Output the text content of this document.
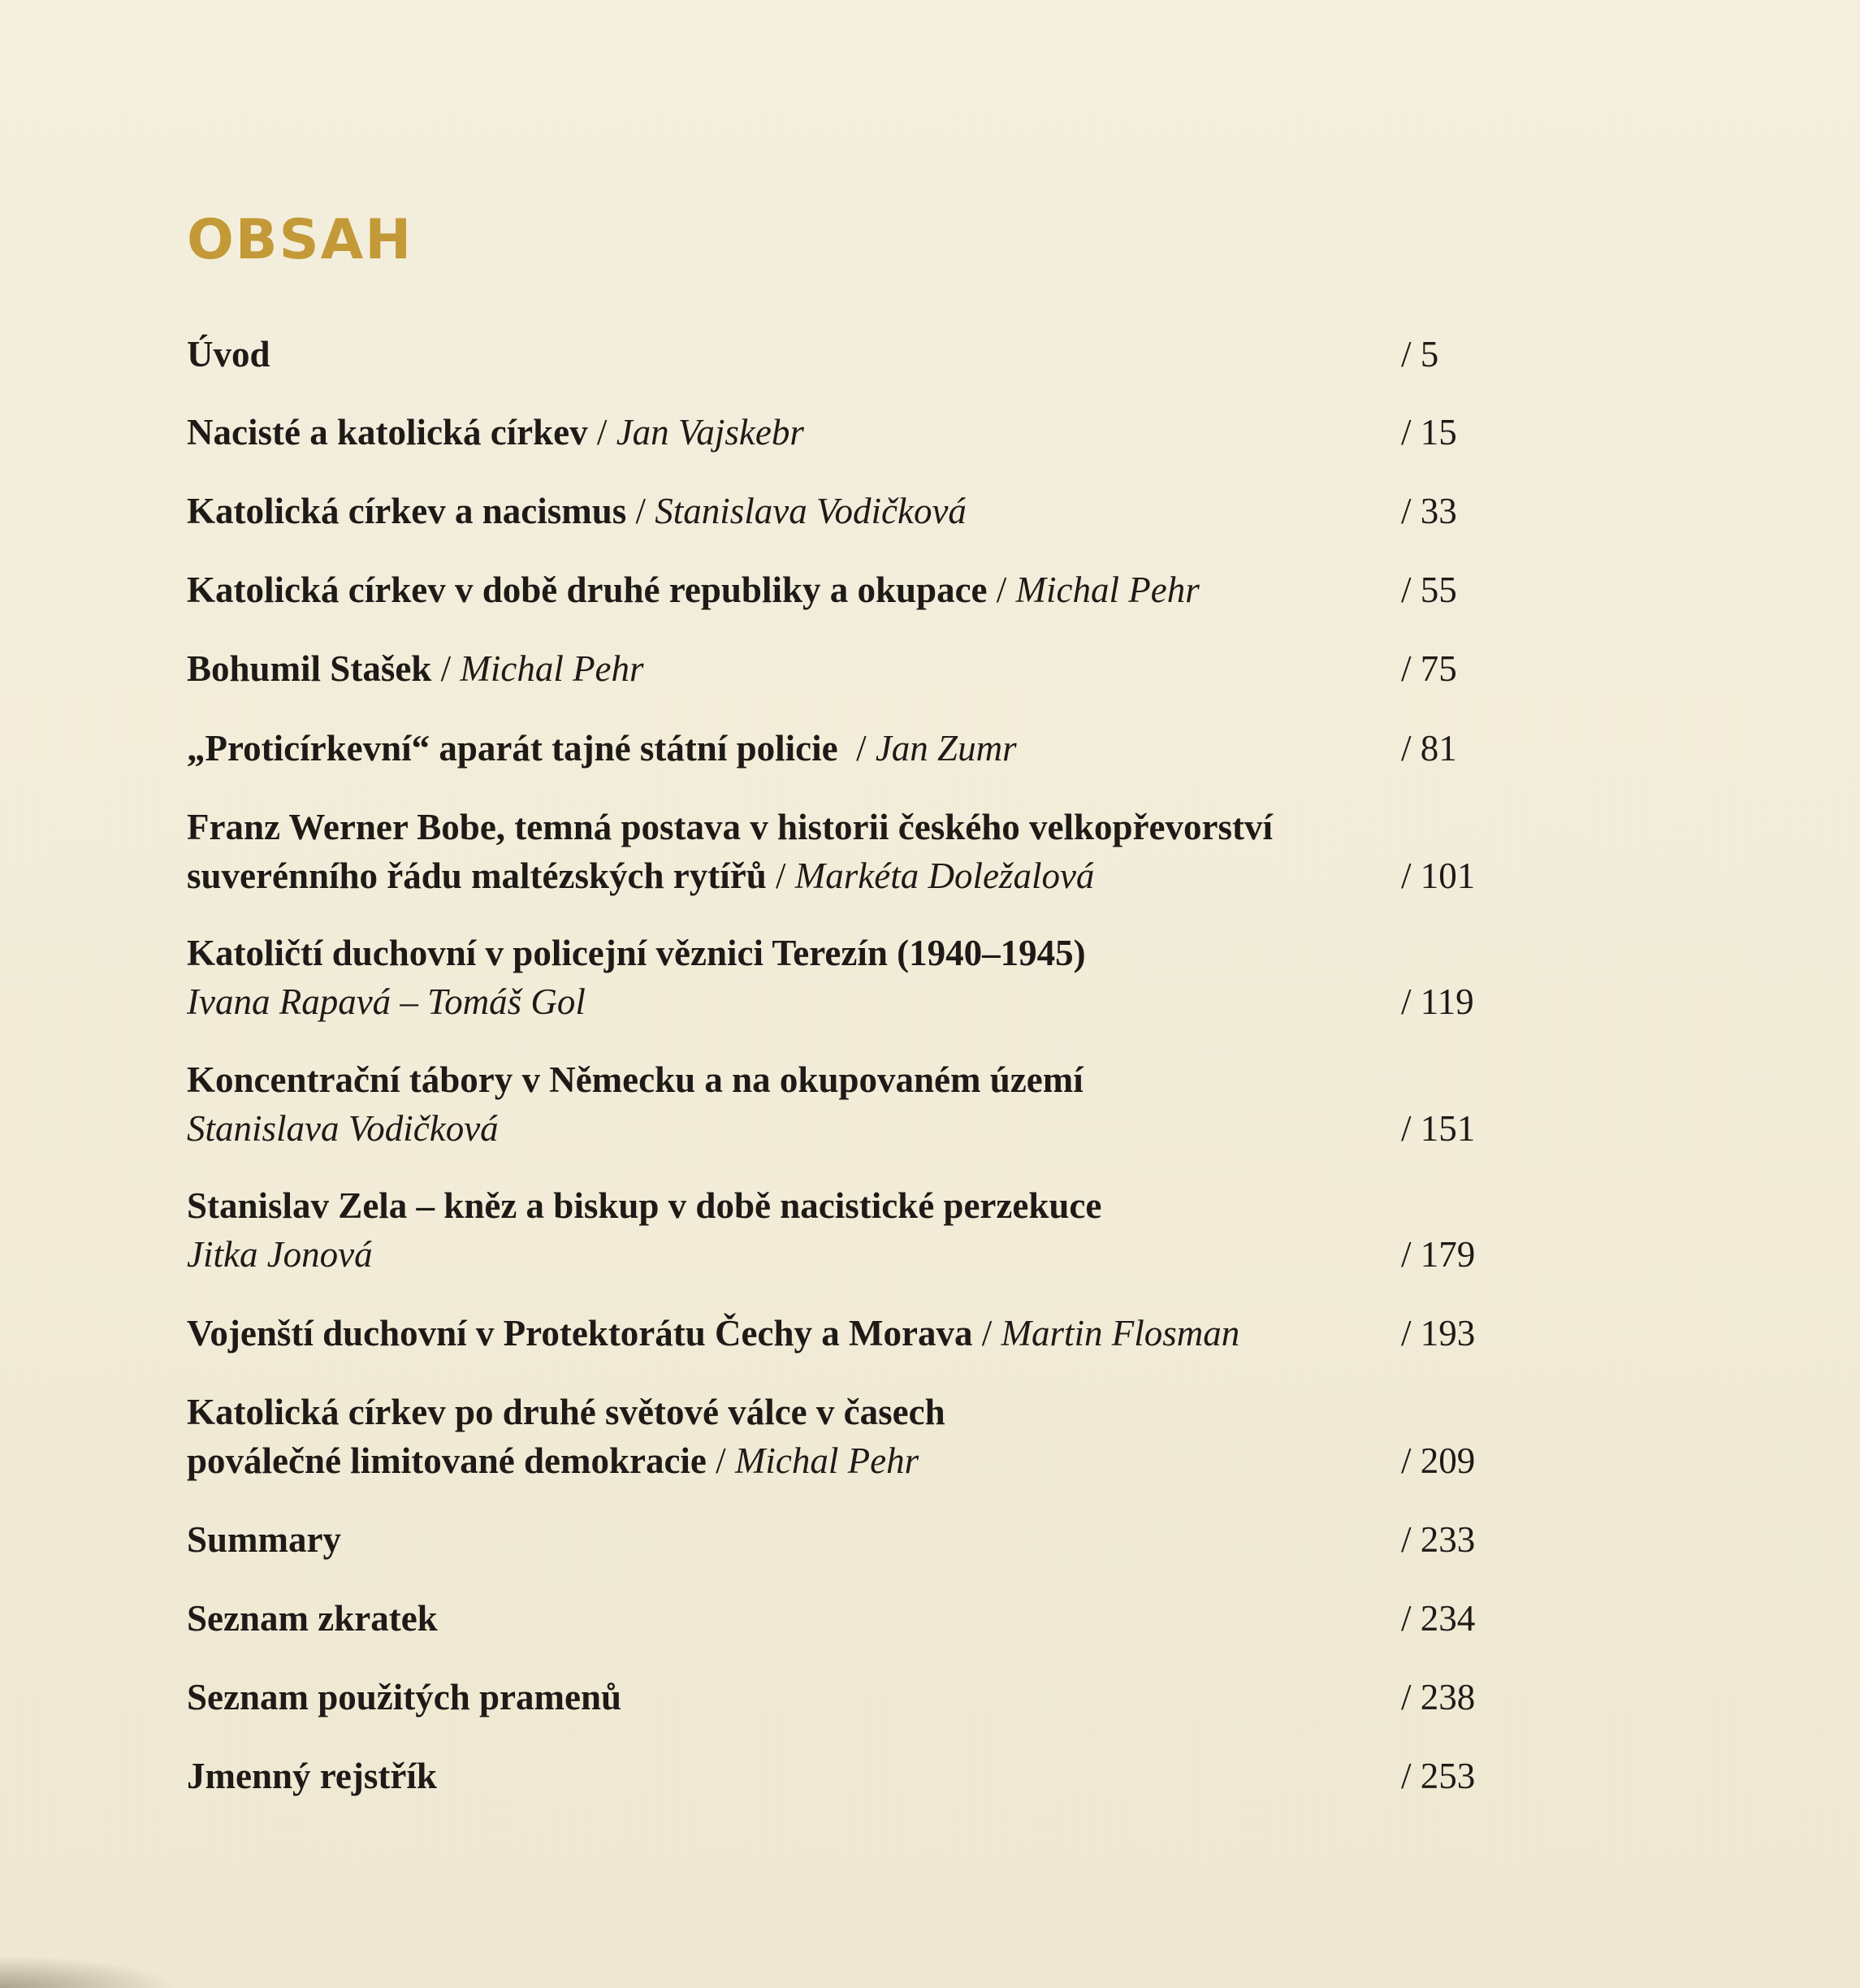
OBSAH
Úvod	/ 5
Nacisté a katolická církev / Jan Vajskebr	/ 15
Katolická církev a nacismus / Stanislava Vodičková	/ 33
Katolická církev v době druhé republiky a okupace / Michal Pehr	/ 55
Bohumil Stašek / Michal Pehr	/ 75
„Proticírkevní“ aparát tajné státní policie  / Jan Zumr	/ 81
Franz Werner Bobe, temná postava v historii českého velkopřevorství
suverénního řádu maltézských rytířů / Markéta Doležalová	/ 101
Katoličtí duchovní v policejní věznici Terezín (1940–1945)
Ivana Rapavá – Tomáš Gol	/ 119
Koncentrační tábory v Německu a na okupovaném území
Stanislava Vodičková	/ 151
Stanislav Zela – kněz a biskup v době nacistické perzekuce
Jitka Jonová	/ 179
Vojenští duchovní v Protektorátu Čechy a Morava / Martin Flosman	/ 193
Katolická církev po druhé světové válce v časech
poválečné limitované demokracie / Michal Pehr	/ 209
Summary	/ 233
Seznam zkratek	/ 234
Seznam použitých pramenů	/ 238
Jmenný rejstřík	/ 253
